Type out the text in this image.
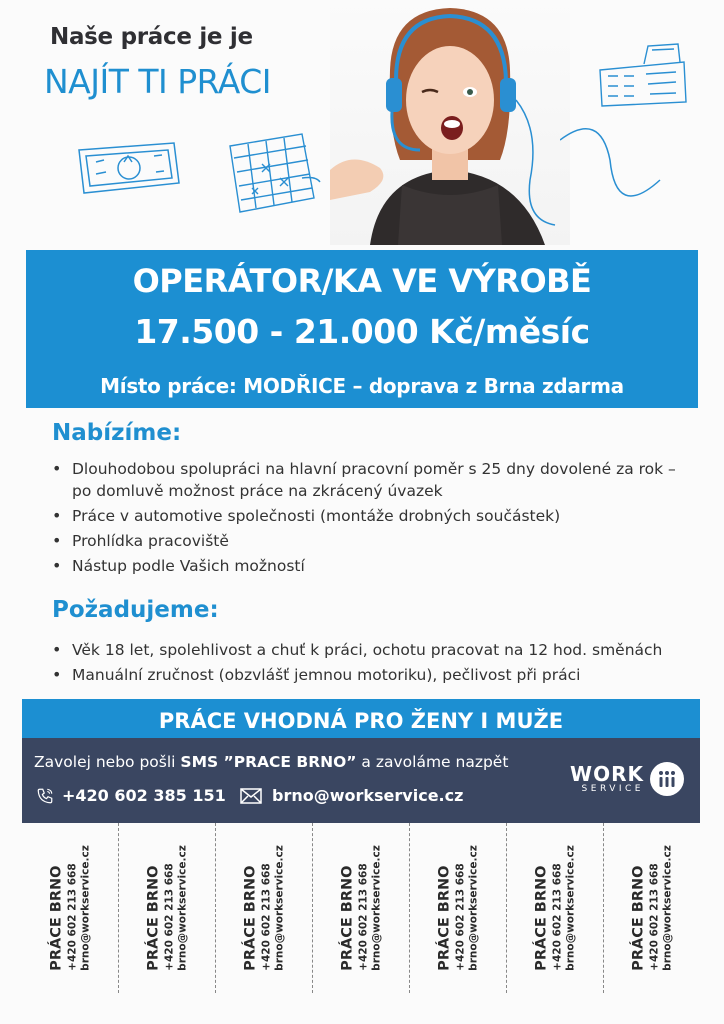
Naše práce je je
NAJÍT TI PRÁCI
OPERÁTOR/KA VE VÝROBĚ
17.500 - 21.000 Kč/měsíc
Místo práce: MODŘICE – doprava z Brna zdarma
Nabízíme:
• Dlouhodobou spolupráci na hlavní pracovní poměr s 25 dny dovolené za rok – po domluvě možnost práce na zkrácený úvazek
• Práce v automotive společnosti (montáže drobných součástek)
• Prohlídka pracoviště
• Nástup podle Vašich možností
Požadujeme:
• Věk 18 let, spolehlivost a chuť k práci, ochotu pracovat na 12 hod. směnách
• Manuální zručnost (obzvlášť jemnou motoriku), pečlivost při práci
PRÁCE VHODNÁ PRO ŽENY I MUŽE
Zavolej nebo pošli SMS ”PRACE BRNO” a zavoláme nazpět
+420 602 385 151	brno@workservice.cz
WORK
SERVICE
PRÁCE BRNO +420 602 213 668 brno@workservice.cz	PRÁCE BRNO +420 602 213 668 brno@workservice.cz	PRÁCE BRNO +420 602 213 668 brno@workservice.cz	PRÁCE BRNO +420 602 213 668 brno@workservice.cz	PRÁCE BRNO +420 602 213 668 brno@workservice.cz	PRÁCE BRNO +420 602 213 668 brno@workservice.cz	PRÁCE BRNO +420 602 213 668 brno@workservice.cz
